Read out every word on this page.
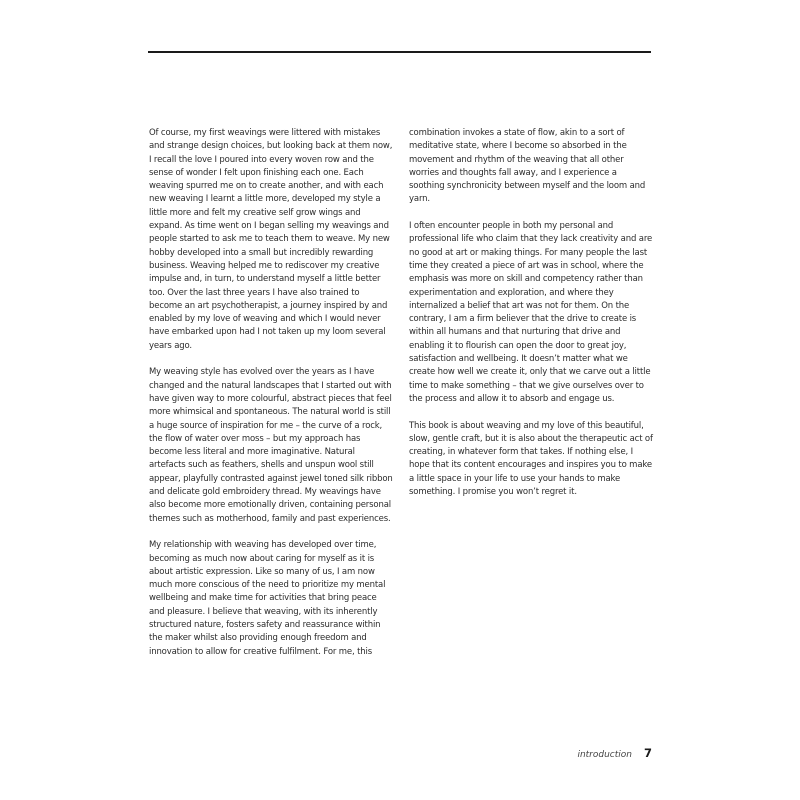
Of course, my first weavings were littered with mistakes and strange design choices, but looking back at them now, I recall the love I poured into every woven row and the sense of wonder I felt upon finishing each one. Each weaving spurred me on to create another, and with each new weaving I learnt a little more, developed my style a little more and felt my creative self grow wings and expand. As time went on I began selling my weavings and people started to ask me to teach them to weave. My new hobby developed into a small but incredibly rewarding business. Weaving helped me to rediscover my creative impulse and, in turn, to understand myself a little better too. Over the last three years I have also trained to become an art psychotherapist, a journey inspired by and enabled by my love of weaving and which I would never have embarked upon had I not taken up my loom several years ago.

My weaving style has evolved over the years as I have changed and the natural landscapes that I started out with have given way to more colourful, abstract pieces that feel more whimsical and spontaneous. The natural world is still a huge source of inspiration for me – the curve of a rock, the flow of water over moss – but my approach has become less literal and more imaginative. Natural artefacts such as feathers, shells and unspun wool still appear, playfully contrasted against jewel toned silk ribbon and delicate gold embroidery thread. My weavings have also become more emotionally driven, containing personal themes such as motherhood, family and past experiences.

My relationship with weaving has developed over time, becoming as much now about caring for myself as it is about artistic expression. Like so many of us, I am now much more conscious of the need to prioritize my mental wellbeing and make time for activities that bring peace and pleasure. I believe that weaving, with its inherently structured nature, fosters safety and reassurance within the maker whilst also providing enough freedom and innovation to allow for creative fulfilment. For me, this

combination invokes a state of flow, akin to a sort of meditative state, where I become so absorbed in the movement and rhythm of the weaving that all other worries and thoughts fall away, and I experience a soothing synchronicity between myself and the loom and yarn.

I often encounter people in both my personal and professional life who claim that they lack creativity and are no good at art or making things. For many people the last time they created a piece of art was in school, where the emphasis was more on skill and competency rather than experimentation and exploration, and where they internalized a belief that art was not for them. On the contrary, I am a firm believer that the drive to create is within all humans and that nurturing that drive and enabling it to flourish can open the door to great joy, satisfaction and wellbeing. It doesn’t matter what we create how well we create it, only that we carve out a little time to make something – that we give ourselves over to the process and allow it to absorb and engage us.

This book is about weaving and my love of this beautiful, slow, gentle craft, but it is also about the therapeutic act of creating, in whatever form that takes. If nothing else, I hope that its content encourages and inspires you to make a little space in your life to use your hands to make something. I promise you won’t regret it.

introduction 7
